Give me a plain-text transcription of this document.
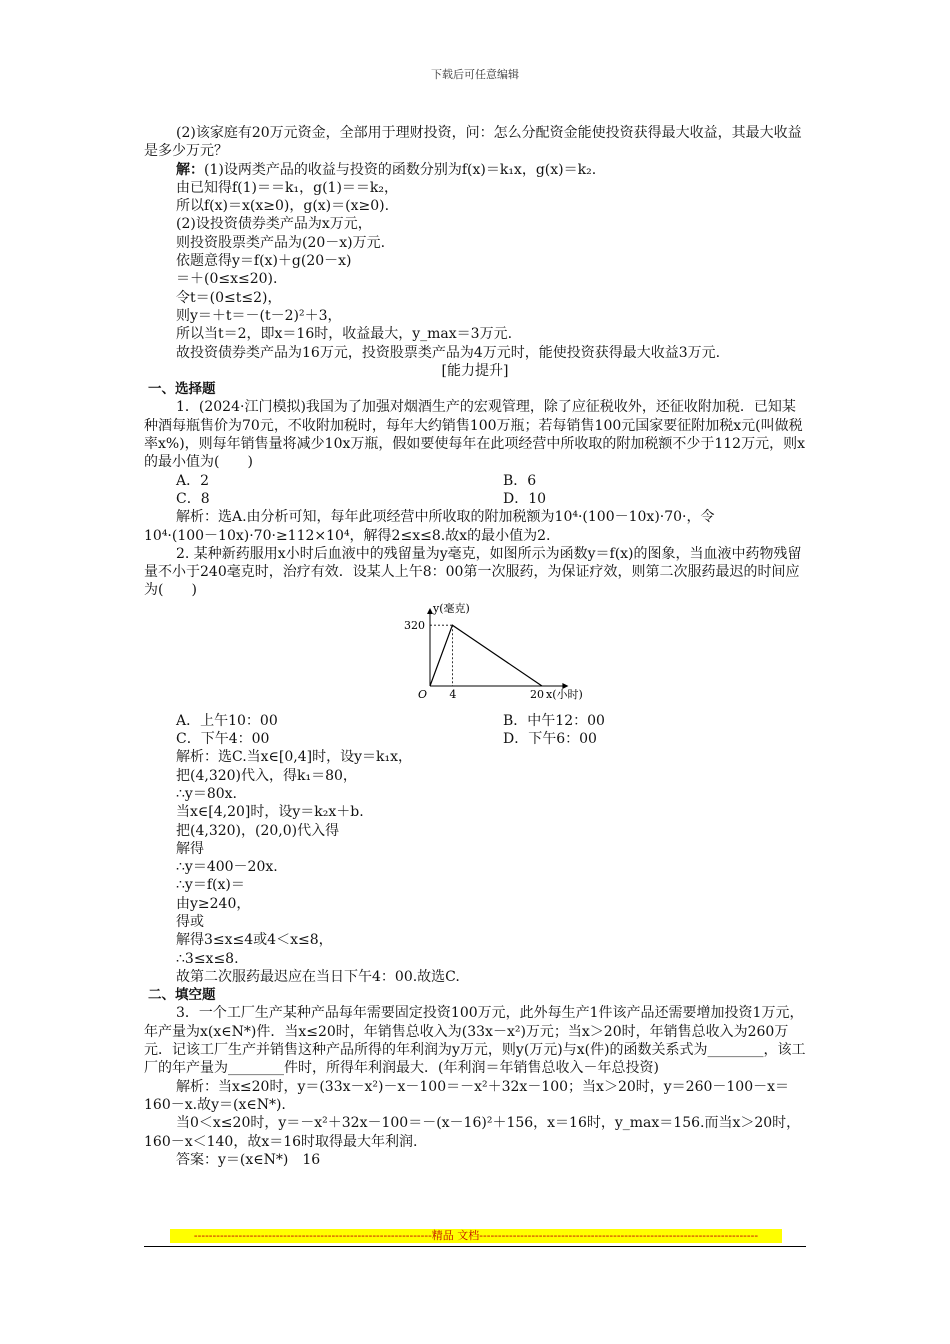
下载后可任意编辑

(2)该家庭有20万元资金，全部用于理财投资，问：怎么分配资金能使投资获得最大收益，其最大收益是多少万元？

解：(1)设两类产品的收益与投资的函数分别为f(x)＝k₁x，g(x)＝k₂.

由已知得f(1)＝＝k₁，g(1)＝＝k₂，

所以f(x)＝x(x≥0)，g(x)＝(x≥0).

(2)设投资债券类产品为x万元，

则投资股票类产品为(20－x)万元.

依题意得y＝f(x)＋g(20－x)

＝＋(0≤x≤20).

令t＝(0≤t≤2)，

则y＝＋t＝－(t－2)²＋3，

所以当t＝2，即x＝16时，收益最大，y_max＝3万元.

故投资债券类产品为16万元，投资股票类产品为4万元时，能使投资获得最大收益3万元.

[能力提升]

一、选择题

1．(2024·江门模拟)我国为了加强对烟酒生产的宏观管理，除了应征税收外，还征收附加税．已知某种酒每瓶售价为70元，不收附加税时，每年大约销售100万瓶；若每销售100元国家要征附加税x元(叫做税率x%)，则每年销售量将减少10x万瓶，假如要使每年在此项经营中所收取的附加税额不少于112万元，则x的最小值为(　　)

A．2	B．6
C．8	D．10

解析：选A.由分析可知，每年此项经营中所收取的附加税额为10⁴·(100－10x)·70·，令

10⁴·(100－10x)·70·≥112×10⁴，解得2≤x≤8.故x的最小值为2.

2. 某种新药服用x小时后血液中的残留量为y毫克，如图所示为函数y＝f(x)的图象，当血液中药物残留量不小于240毫克时，治疗有效．设某人上午8：00第一次服药，为保证疗效，则第二次服药最迟的时间应为(　　)

O 4	20
320
x(小时)
y(毫克)
A．上午10：00	B．中午12：00
C．下午4：00	D．下午6：00

解析：选C.当x∈[0,4]时，设y＝k₁x，

把(4,320)代入，得k₁＝80，

∴y＝80x.

当x∈[4,20]时，设y＝k₂x＋b.

把(4,320)，(20,0)代入得

解得

∴y＝400－20x.

∴y＝f(x)＝

由y≥240，

得或

解得3≤x≤4或4＜x≤8，

∴3≤x≤8.

故第二次服药最迟应在当日下午4：00.故选C.

二、填空题

3．一个工厂生产某种产品每年需要固定投资100万元，此外每生产1件该产品还需要增加投资1万元，年产量为x(x∈N*)件．当x≤20时，年销售总收入为(33x－x²)万元；当x＞20时，年销售总收入为260万元．记该工厂生产并销售这种产品所得的年利润为y万元，则y(万元)与x(件)的函数关系式为________，该工厂的年产量为________件时，所得年利润最大．(年利润＝年销售总收入－年总投资)

解析：当x≤20时，y＝(33x－x²)－x－100＝－x²＋32x－100；当x＞20时，y＝260－100－x＝160－x.故y＝(x∈N*).

当0＜x≤20时，y＝－x²＋32x－100＝－(x－16)²＋156，x＝16时，y_max＝156.而当x＞20时，160－x＜140，故x＝16时取得最大年利润.

答案：y＝(x∈N*)　16

----------------------------------------------------------------精品 文档---------------------------------------------------------------------------
